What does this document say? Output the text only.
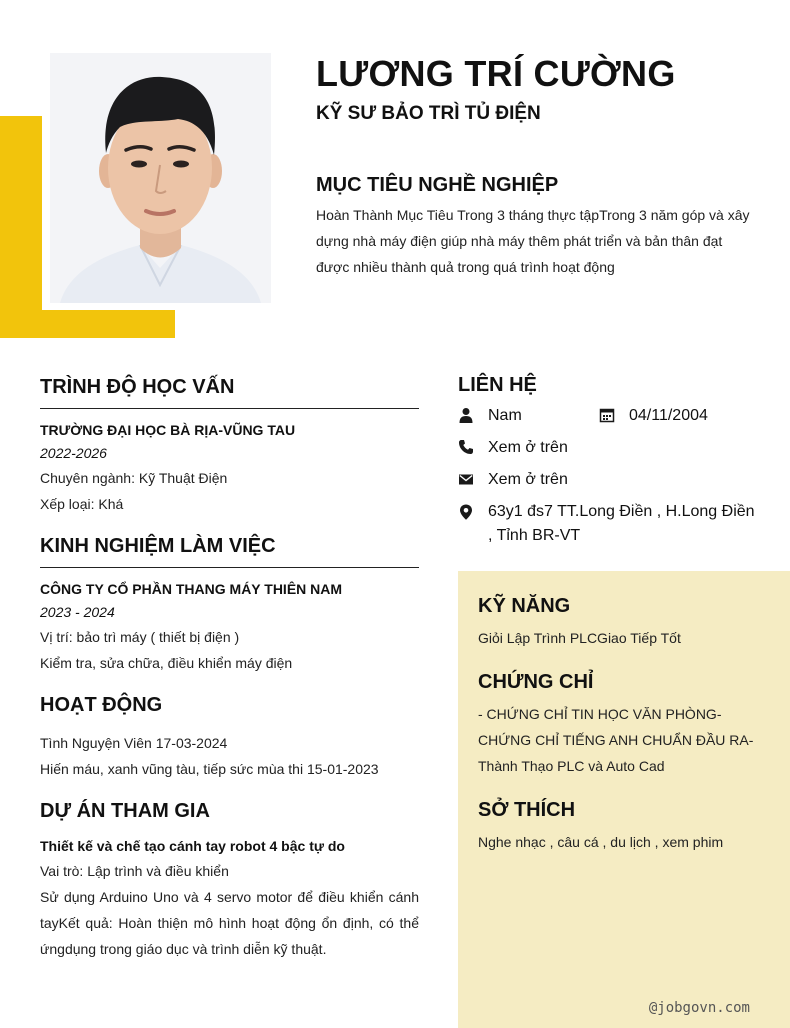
LƯƠNG TRÍ CƯỜNG
KỸ SƯ BẢO TRÌ TỦ ĐIỆN
MỤC TIÊU NGHỀ NGHIỆP

Hoàn Thành Mục Tiêu Trong 3 tháng thực tậpTrong 3 năm góp và xây dựng nhà máy điện giúp nhà máy thêm phát triển và bản thân đạt được nhiều thành quả trong quá trình hoạt động

TRÌNH ĐỘ HỌC VẤN

TRƯỜNG ĐẠI HỌC BÀ RỊA-VŨNG TAU

2022-2026

Chuyên ngành: Kỹ Thuật Điện

Xếp loại: Khá

KINH NGHIỆM LÀM VIỆC

CÔNG TY CỔ PHẦN THANG MÁY THIÊN NAM

2023 - 2024

Vị trí: bảo trì máy ( thiết bị điện )

Kiểm tra, sửa chữa, điều khiển máy điện

HOẠT ĐỘNG

Tình Nguyện Viên 17-03-2024

Hiến máu, xanh vũng tàu, tiếp sức mùa thi 15-01-2023

DỰ ÁN THAM GIA

Thiết kế và chế tạo cánh tay robot 4 bậc tự do

Vai trò: Lập trình và điều khiển

Sử dụng Arduino Uno và 4 servo motor để điều khiển cánh tayKết quả: Hoàn thiện mô hình hoạt động ổn định, có thể ứngdụng trong giáo dục và trình diễn kỹ thuật.

LIÊN HỆ
Nam	04/11/2004
Xem ở trên
Xem ở trên
63y1 đs7 TT.Long Điền , H.Long Điền , Tỉnh BR-VT
KỸ NĂNG

Giỏi Lập Trình PLCGiao Tiếp Tốt

CHỨNG CHỈ

- CHỨNG CHỈ TIN HỌC VĂN PHÒNG- CHỨNG CHỈ TIẾNG ANH CHUẨN ĐẦU RA- Thành Thạo PLC và Auto Cad

SỞ THÍCH

Nghe nhạc , câu cá , du lịch , xem phim

@jobgovn.com
